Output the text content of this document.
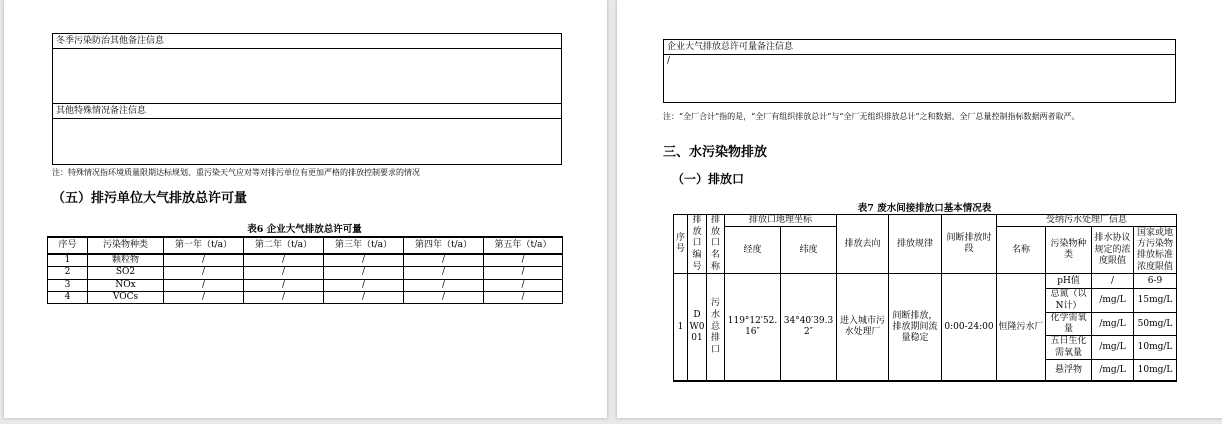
冬季污染防治其他备注信息
其他特殊情况备注信息
注：特殊情况指环境质量限期达标规划、重污染天气应对等对排污单位有更加严格的排放控制要求的情况
（五）排污单位大气排放总许可量
表6 企业大气排放总许可量
序号	污染物种类	第一年（t/a）	第二年（t/a）	第三年（t/a）	第四年（t/a）	第五年（t/a）
1	颗粒物	/	/	/	/	/
2	SO2	/	/	/	/	/
3	NOx	/	/	/	/	/
4	VOCs	/	/	/	/	/
企业大气排放总许可量备注信息
/
注：“全厂合计”指的是，“全厂有组织排放总计”与“全厂无组织排放总计”之和数据、全厂总量控制指标数据两者取严。
三、水污染物排放
（一）排放口
表7 废水间接排放口基本情况表
序号	排放口编号	排放口名称	排放口地理坐标		排放去向	排放规律	间断排放时段	受纳污水处理厂信息			
			经度	纬度				名称	污染物种类	排水协议规定的浓度限值	国家或地方污染物排放标准浓度限值
1	DW001	污水总排口	119°12′52.16″	34°40′39.32″	进入城市污水处理厂	间断排放，排放期间流量稳定	0:00-24:00	恒隆污水厂	pH值	/	6-9
									总氮（以N计）	/mg/L	15mg/L
									化学需氧量	/mg/L	50mg/L
									五日生化需氧量	/mg/L	10mg/L
									悬浮物	/mg/L	10mg/L
